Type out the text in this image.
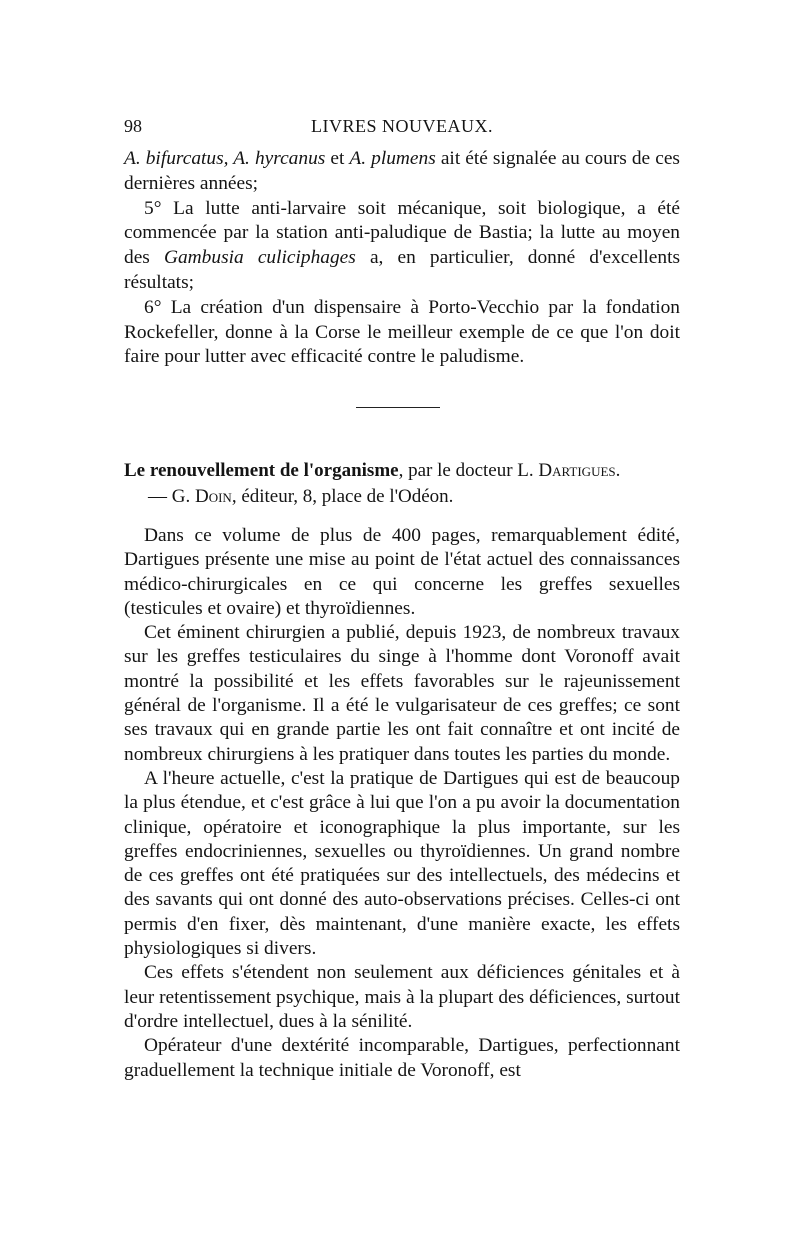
98	LIVRES NOUVEAUX.

A. bifurcatus, A. hyrcanus et A. plumens ait été signalée au cours de ces dernières années;

5° La lutte anti-larvaire soit mécanique, soit biologique, a été commencée par la station anti-paludique de Bastia; la lutte au moyen des Gambusia culiciphages a, en particulier, donné d'excellents résultats;

6° La création d'un dispensaire à Porto-Vecchio par la fondation Rockefeller, donne à la Corse le meilleur exemple de ce que l'on doit faire pour lutter avec efficacité contre le paludisme.

Le renouvellement de l'organisme, par le docteur L. Dartigues.
— G. Doin, éditeur, 8, place de l'Odéon.

Dans ce volume de plus de 400 pages, remarquablement édité, Dartigues présente une mise au point de l'état actuel des connaissances médico-chirurgicales en ce qui concerne les greffes sexuelles (testicules et ovaire) et thyroïdiennes.

Cet éminent chirurgien a publié, depuis 1923, de nombreux travaux sur les greffes testiculaires du singe à l'homme dont Voronoff avait montré la possibilité et les effets favorables sur le rajeunissement général de l'organisme. Il a été le vulgarisateur de ces greffes; ce sont ses travaux qui en grande partie les ont fait connaître et ont incité de nombreux chirurgiens à les pratiquer dans toutes les parties du monde.

A l'heure actuelle, c'est la pratique de Dartigues qui est de beaucoup la plus étendue, et c'est grâce à lui que l'on a pu avoir la documentation clinique, opératoire et iconographique la plus importante, sur les greffes endocriniennes, sexuelles ou thyroïdiennes. Un grand nombre de ces greffes ont été pratiquées sur des intellectuels, des médecins et des savants qui ont donné des auto-observations précises. Celles-ci ont permis d'en fixer, dès maintenant, d'une manière exacte, les effets physiologiques si divers.

Ces effets s'étendent non seulement aux déficiences génitales et à leur retentissement psychique, mais à la plupart des déficiences, surtout d'ordre intellectuel, dues à la sénilité.

Opérateur d'une dextérité incomparable, Dartigues, perfectionnant graduellement la technique initiale de Voronoff, est
